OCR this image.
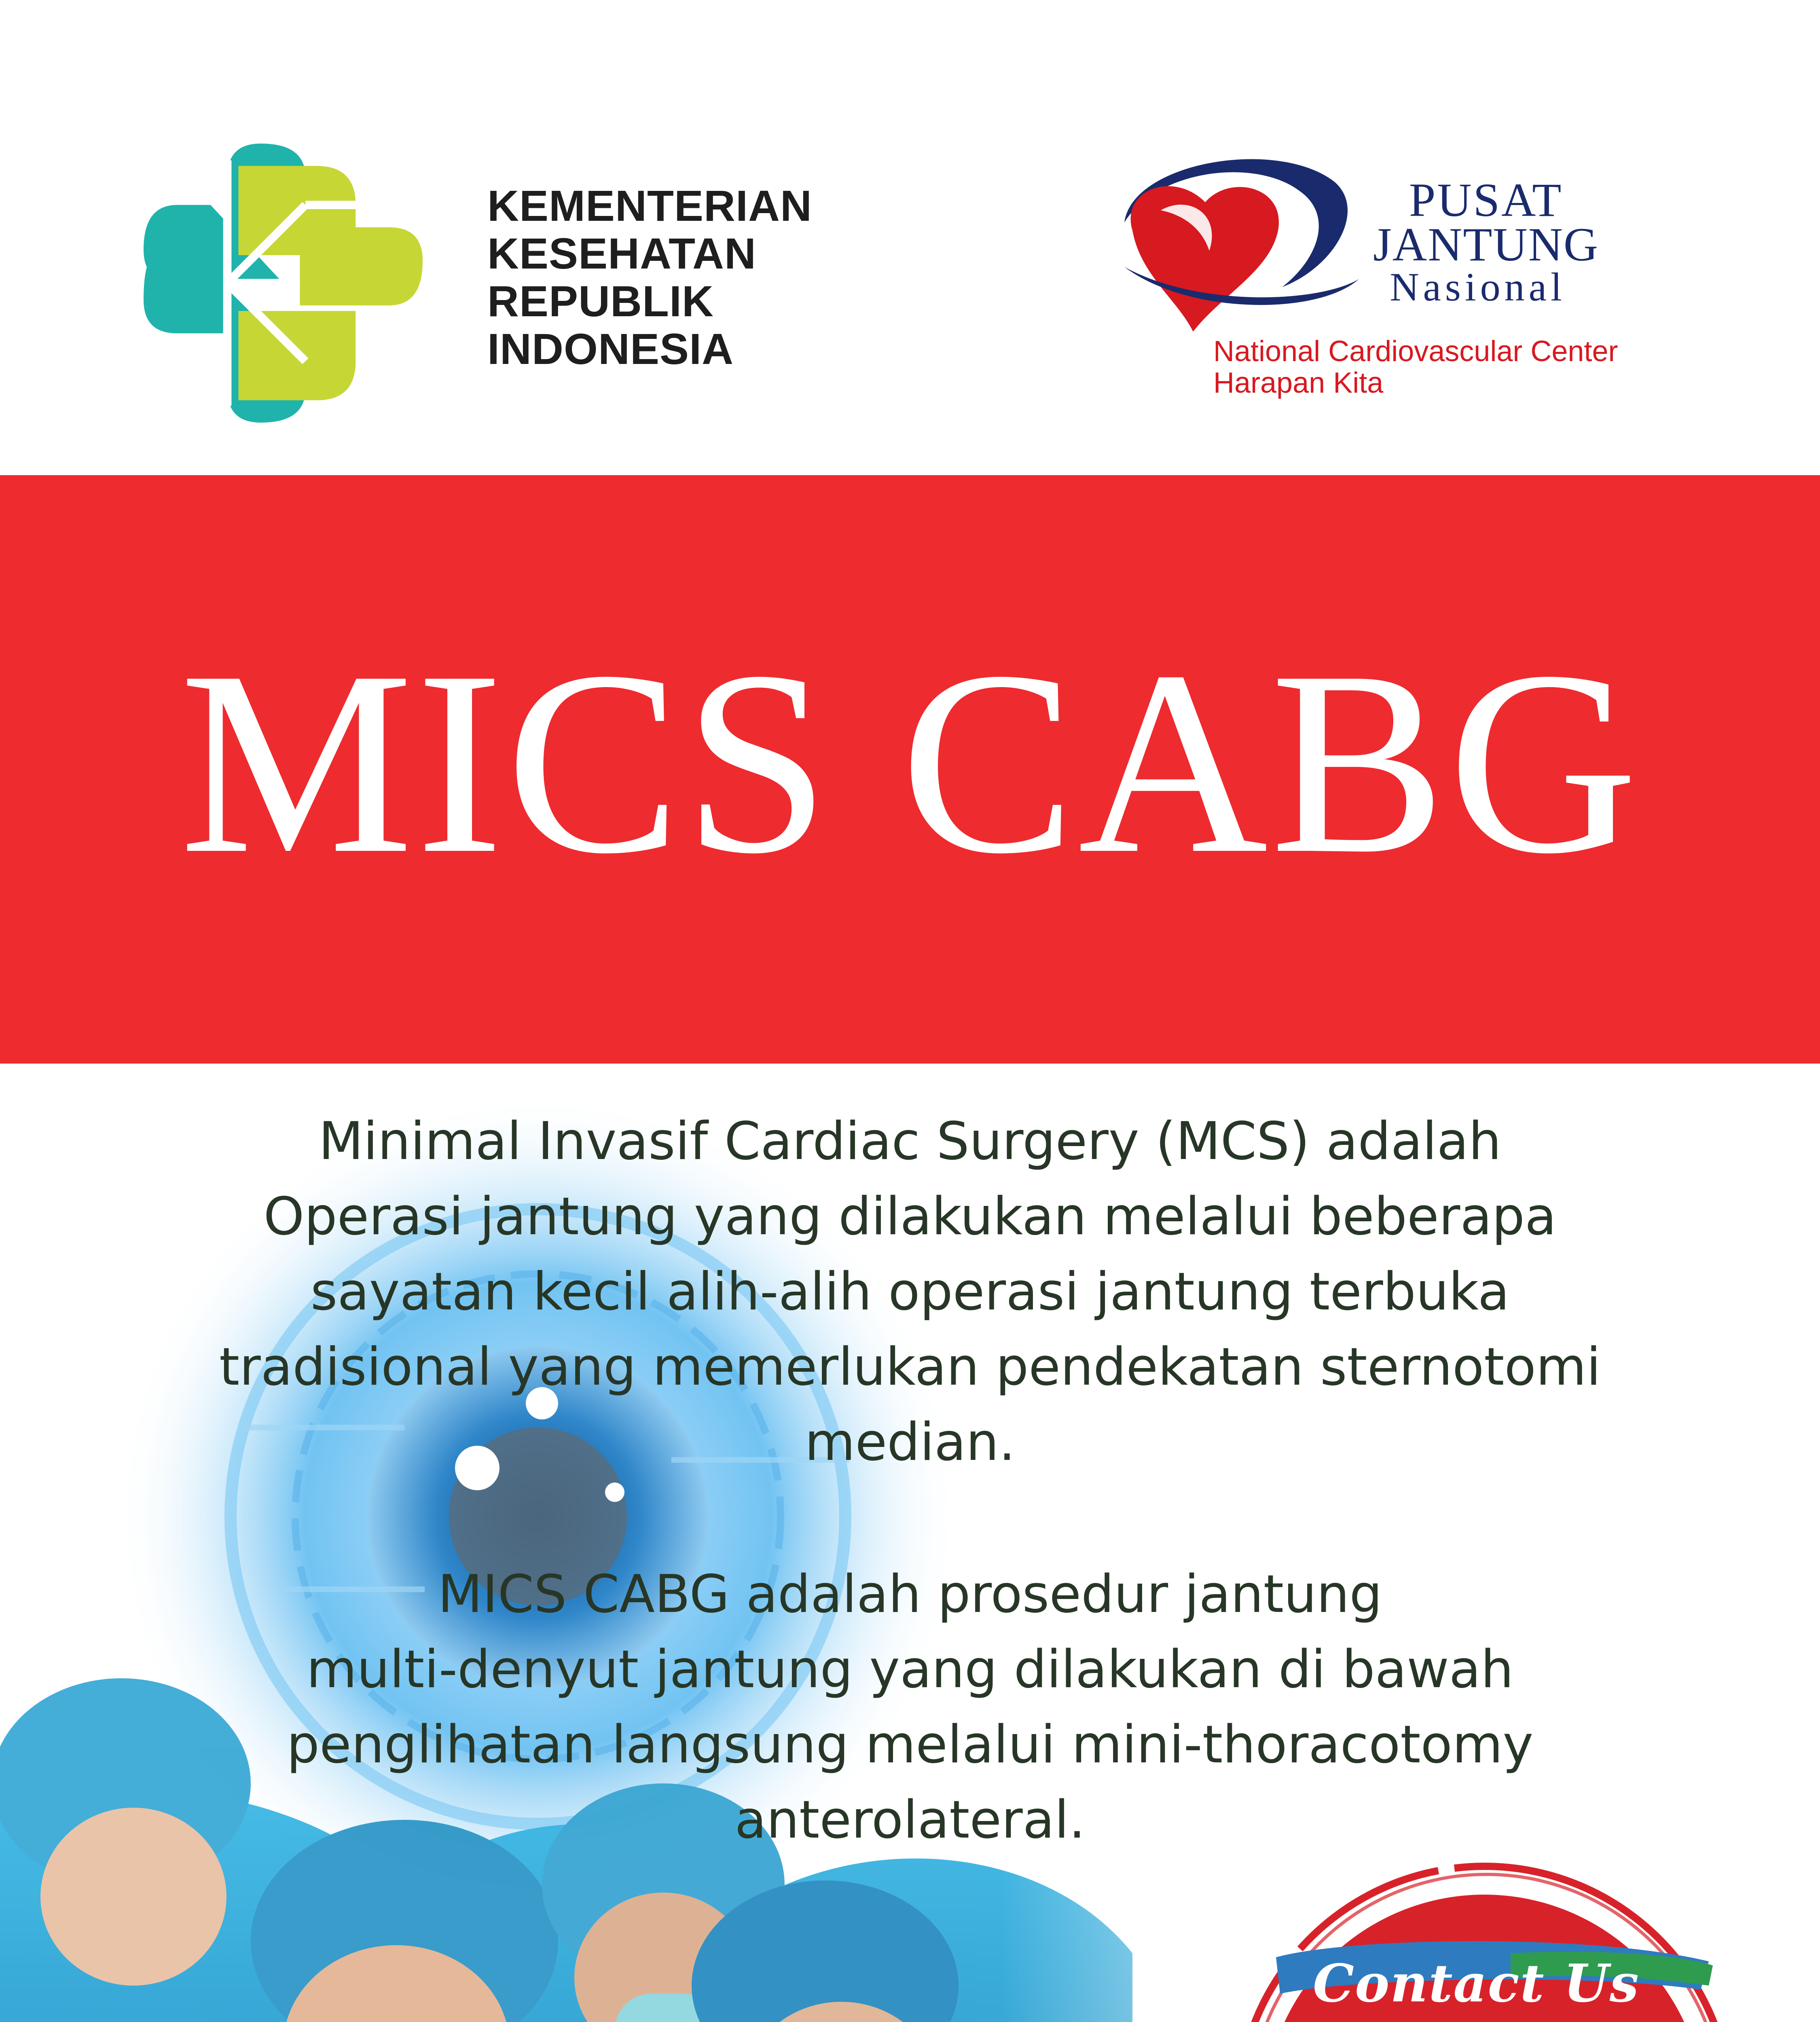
KEMENTERIAN
KESEHATAN
REPUBLIK
INDONESIA
PUSAT
JANTUNG
Nasional
National Cardiovascular Center
Harapan Kita
MICS CABG
Minimal Invasif Cardiac Surgery (MCS) adalah
Operasi jantung yang dilakukan melalui beberapa
sayatan kecil alih-alih operasi jantung terbuka
tradisional yang memerlukan pendekatan sternotomi
median.
MICS CABG adalah prosedur jantung
multi-denyut jantung yang dilakukan di bawah
penglihatan langsung melalui mini-thoracotomy
anterolateral.
Contact Us
